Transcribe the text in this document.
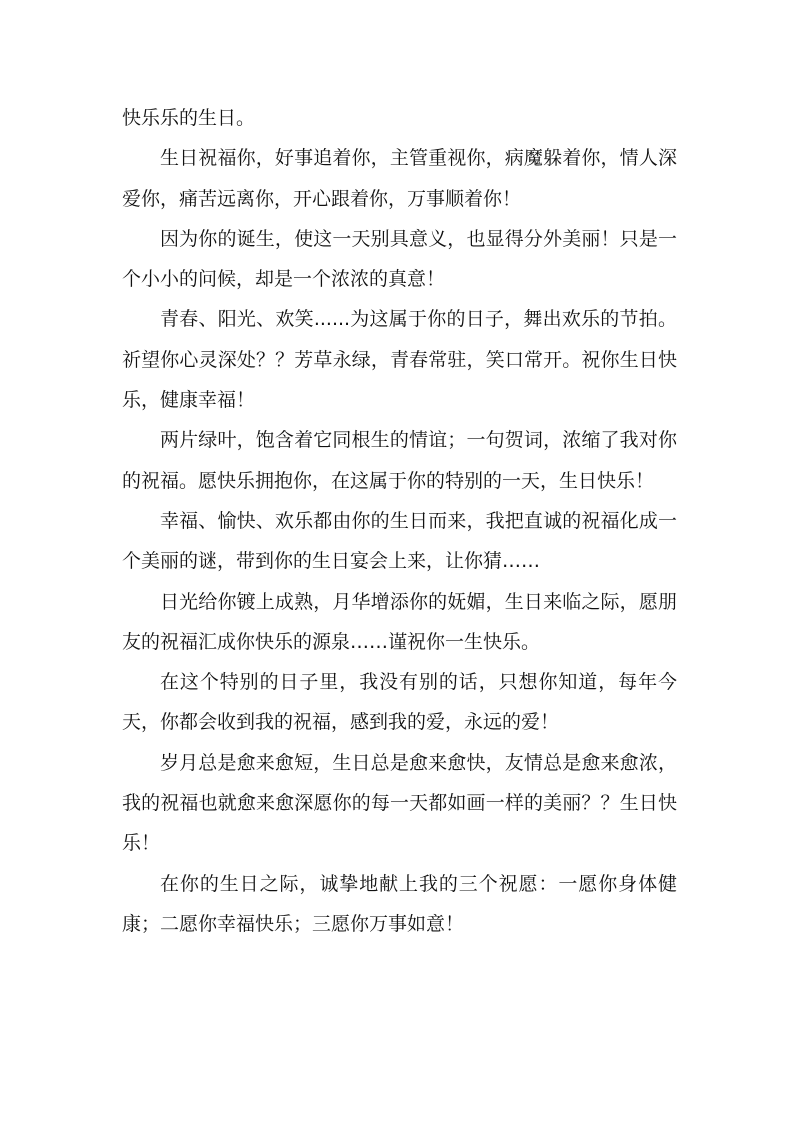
快乐乐的生日。

生日祝福你，好事追着你，主管重视你，病魔躲着你，情人深爱你，痛苦远离你，开心跟着你，万事顺着你！

因为你的诞生，使这一天别具意义，也显得分外美丽！只是一个小小的问候，却是一个浓浓的真意！

青春、阳光、欢笑......为这属于你的日子，舞出欢乐的节拍。祈望你心灵深处？？芳草永绿，青春常驻，笑口常开。祝你生日快乐，健康幸福！

两片绿叶，饱含着它同根生的情谊；一句贺词，浓缩了我对你的祝福。愿快乐拥抱你，在这属于你的特别的一天，生日快乐！

幸福、愉快、欢乐都由你的生日而来，我把直诚的祝福化成一个美丽的谜，带到你的生日宴会上来，让你猜……

日光给你镀上成熟，月华增添你的妩媚，生日来临之际，愿朋友的祝福汇成你快乐的源泉……谨祝你一生快乐。

在这个特别的日子里，我没有别的话，只想你知道，每年今天，你都会收到我的祝福，感到我的爱，永远的爱！

岁月总是愈来愈短，生日总是愈来愈快，友情总是愈来愈浓，我的祝福也就愈来愈深愿你的每一天都如画一样的美丽？？生日快乐！

在你的生日之际，诚挚地献上我的三个祝愿：一愿你身体健康；二愿你幸福快乐；三愿你万事如意！
